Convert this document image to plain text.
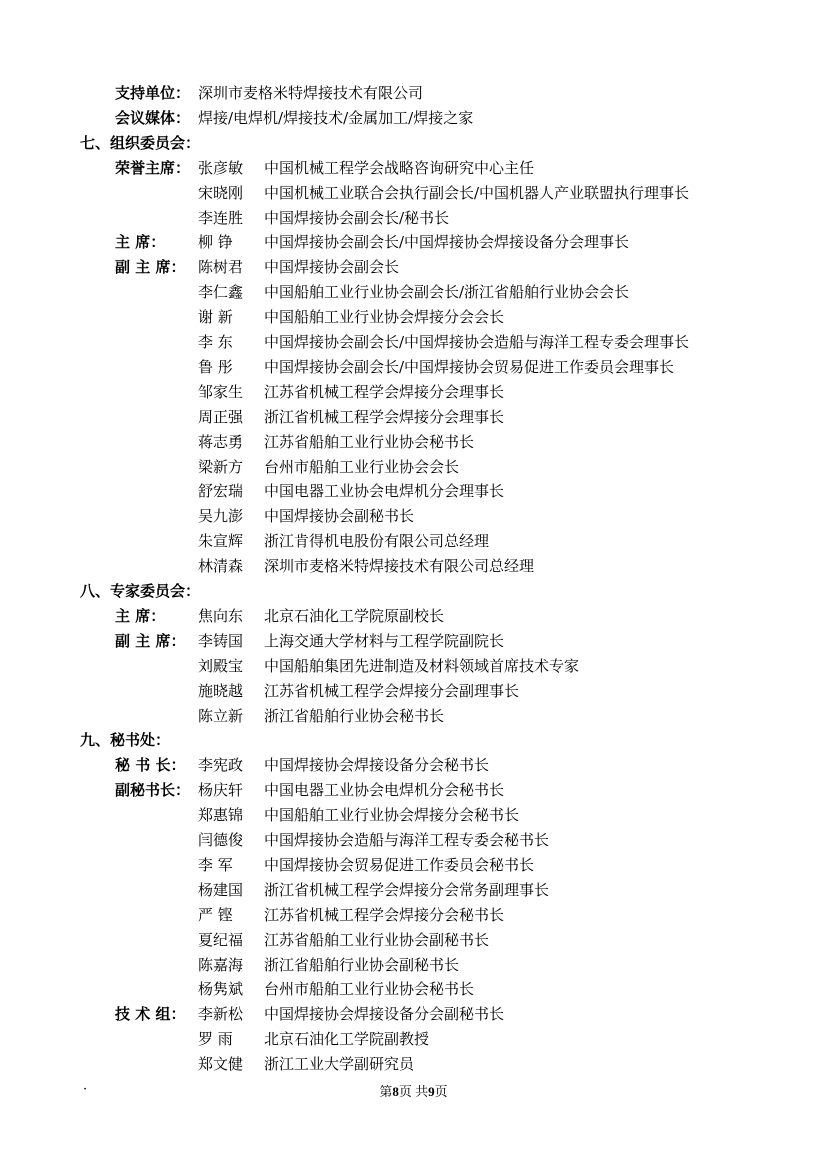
支持单位： 深圳市麦格米特焊接技术有限公司
会议媒体： 焊接/电焊机/焊接技术/金属加工/焊接之家
七、组织委员会：
荣誉主席： 张彦敏 中国机械工程学会战略咨询研究中心主任
宋晓刚 中国机械工业联合会执行副会长/中国机器人产业联盟执行理事长
李连胜 中国焊接协会副会长/秘书长
主 席： 柳 铮 中国焊接协会副会长/中国焊接协会焊接设备分会理事长
副 主 席： 陈树君 中国焊接协会副会长
李仁鑫 中国船舶工业行业协会副会长/浙江省船舶行业协会会长
谢 新 中国船舶工业行业协会焊接分会会长
李 东 中国焊接协会副会长/中国焊接协会造船与海洋工程专委会理事长
鲁 彤 中国焊接协会副会长/中国焊接协会贸易促进工作委员会理事长
邹家生 江苏省机械工程学会焊接分会理事长
周正强 浙江省机械工程学会焊接分会理事长
蒋志勇 江苏省船舶工业行业协会秘书长
梁新方 台州市船舶工业行业协会会长
舒宏瑞 中国电器工业协会电焊机分会理事长
吴九澎 中国焊接协会副秘书长
朱宣辉 浙江肯得机电股份有限公司总经理
林清森 深圳市麦格米特焊接技术有限公司总经理
八、专家委员会：
主 席： 焦向东 北京石油化工学院原副校长
副 主 席： 李铸国 上海交通大学材料与工程学院副院长
刘殿宝 中国船舶集团先进制造及材料领域首席技术专家
施晓越 江苏省机械工程学会焊接分会副理事长
陈立新 浙江省船舶行业协会秘书长
九、秘书处：
秘 书 长： 李宪政 中国焊接协会焊接设备分会秘书长
副秘书长： 杨庆轩 中国电器工业协会电焊机分会秘书长
郑惠锦 中国船舶工业行业协会焊接分会秘书长
闫德俊 中国焊接协会造船与海洋工程专委会秘书长
李 军 中国焊接协会贸易促进工作委员会秘书长
杨建国 浙江省机械工程学会焊接分会常务副理事长
严 铿 江苏省机械工程学会焊接分会秘书长
夏纪福 江苏省船舶工业行业协会副秘书长
陈嘉海 浙江省船舶行业协会副秘书长
杨隽斌 台州市船舶工业行业协会秘书长
技 术 组： 李新松 中国焊接协会焊接设备分会副秘书长
罗 雨 北京石油化工学院副教授
郑文健 浙江工业大学副研究员
·	第8页 共9页
